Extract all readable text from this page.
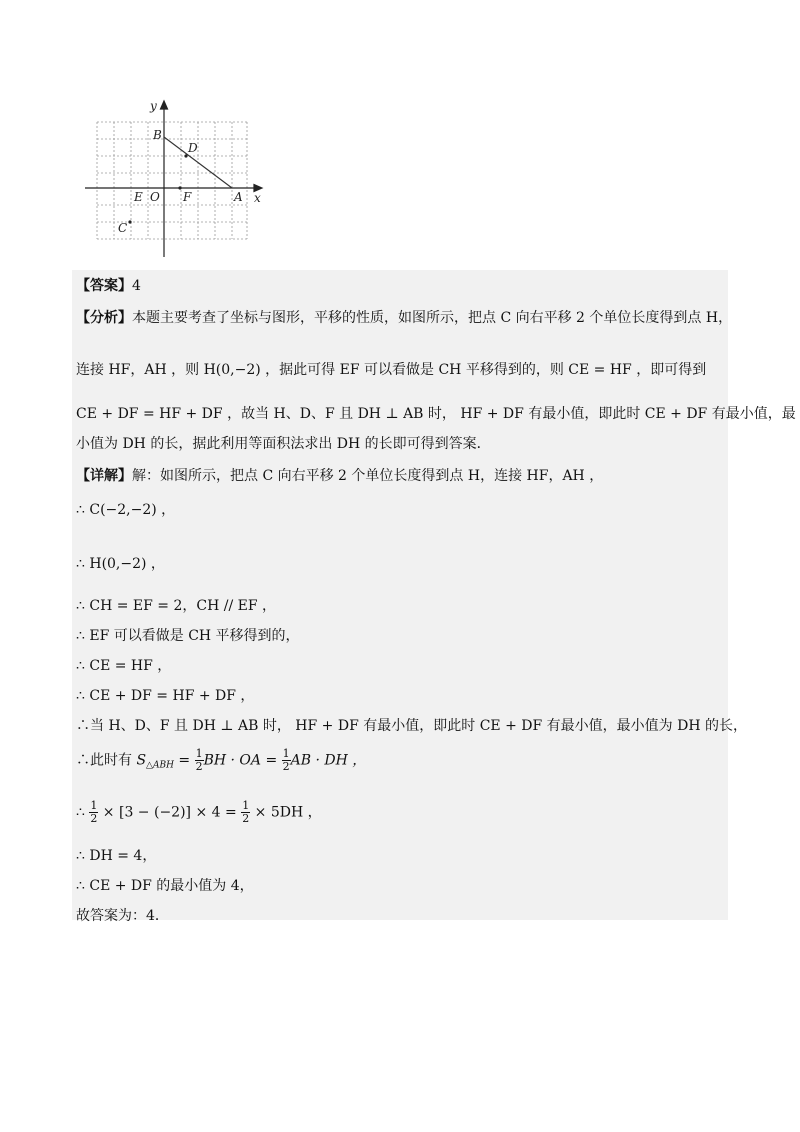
y
x
B
D
E O F	A
C
【答案】4
【分析】本题主要考查了坐标与图形，平移的性质，如图所示，把点 C 向右平移 2 个单位长度得到点 H，
连接 HF，AH ，则 H(0,−2) ，据此可得 EF 可以看做是 CH 平移得到的，则 CE = HF ，即可得到
CE + DF = HF + DF ，故当 H、D、F 且 DH ⊥ AB 时， HF + DF 有最小值，即此时 CE + DF 有最小值，最
小值为 DH 的长，据此利用等面积法求出 DH 的长即可得到答案．
【详解】解：如图所示，把点 C 向右平移 2 个单位长度得到点 H，连接 HF，AH ，
∴ C(−2,−2) ，
∴ H(0,−2) ，
∴ CH = EF = 2，CH // EF ，
∴ EF 可以看做是 CH 平移得到的，
∴ CE = HF ，
∴ CE + DF = HF + DF ，
∴当 H、D、F 且 DH ⊥ AB 时， HF + DF 有最小值，即此时 CE + DF 有最小值，最小值为 DH 的长，
∴此时有 $S_{\triangle ABH} = \frac{1}{2}$ BH · OA = $\frac{1}{2}$ AB · DH ，
∴ $\frac{1}{2} \times [3 - (-2)] \times 4 = \frac{1}{2} \times 5DH$ ，
∴ DH = 4，
∴ CE + DF 的最小值为 4，
故答案为：4．
